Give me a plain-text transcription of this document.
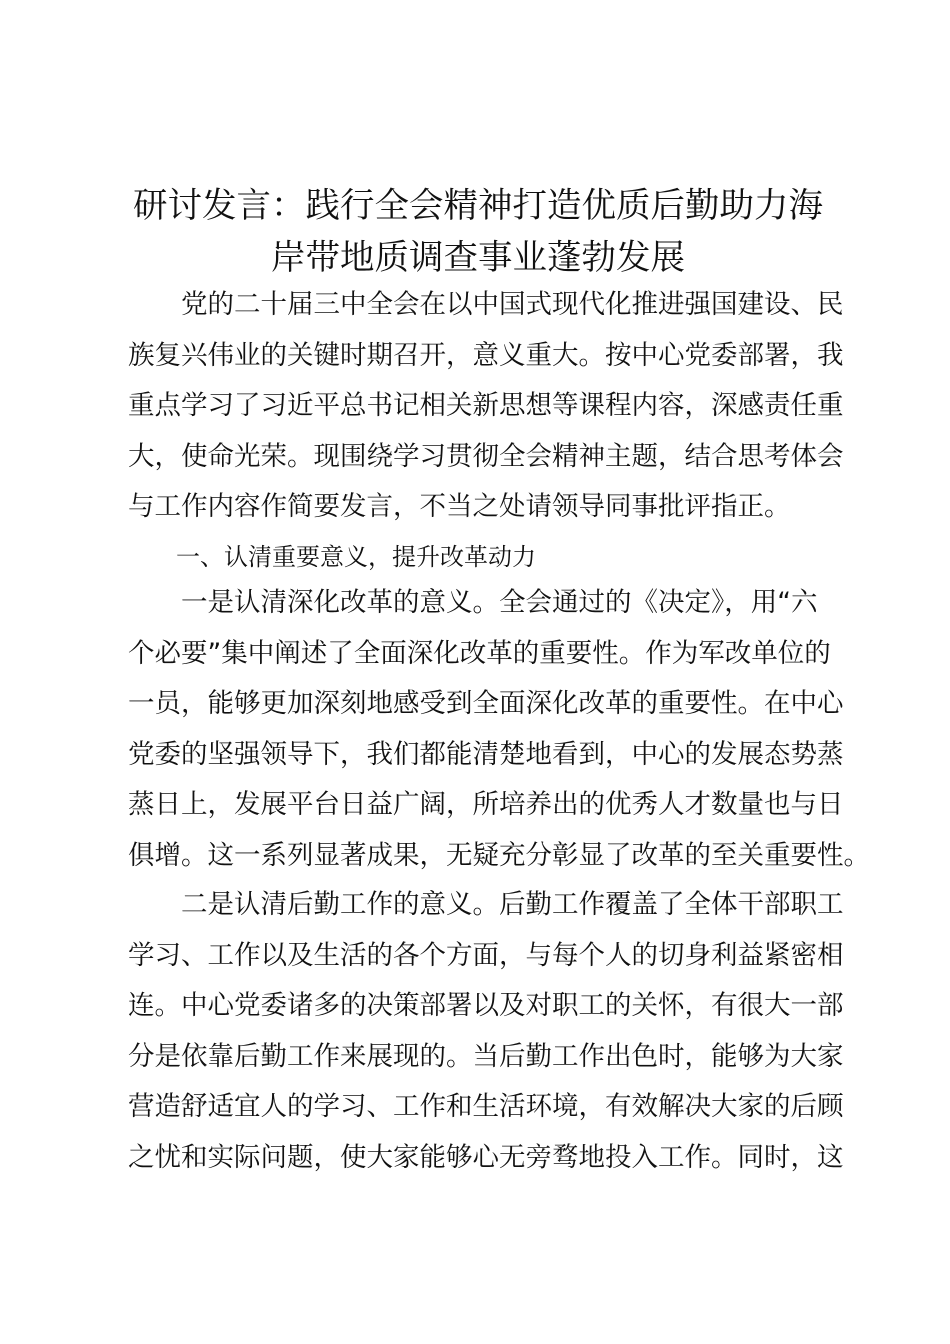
研讨发言：践行全会精神打造优质后勤助力海
岸带地质调查事业蓬勃发展

　　党的二十届三中全会在以中国式现代化推进强国建设、民
族复兴伟业的关键时期召开，意义重大。按中心党委部署，我
重点学习了习近平总书记相关新思想等课程内容，深感责任重
大，使命光荣。现围绕学习贯彻全会精神主题，结合思考体会
与工作内容作简要发言，不当之处请领导同事批评指正。

　　一、认清重要意义，提升改革动力

　　一是认清深化改革的意义。全会通过的《决定》，用“六
个必要”集中阐述了全面深化改革的重要性。作为军改单位的
一员，能够更加深刻地感受到全面深化改革的重要性。在中心
党委的坚强领导下，我们都能清楚地看到，中心的发展态势蒸
蒸日上，发展平台日益广阔，所培养出的优秀人才数量也与日
俱增。这一系列显著成果，无疑充分彰显了改革的至关重要性。

　　二是认清后勤工作的意义。后勤工作覆盖了全体干部职工
学习、工作以及生活的各个方面，与每个人的切身利益紧密相
连。中心党委诸多的决策部署以及对职工的关怀，有很大一部
分是依靠后勤工作来展现的。当后勤工作出色时，能够为大家
营造舒适宜人的学习、工作和生活环境，有效解决大家的后顾
之忧和实际问题，使大家能够心无旁骛地投入工作。同时，这
